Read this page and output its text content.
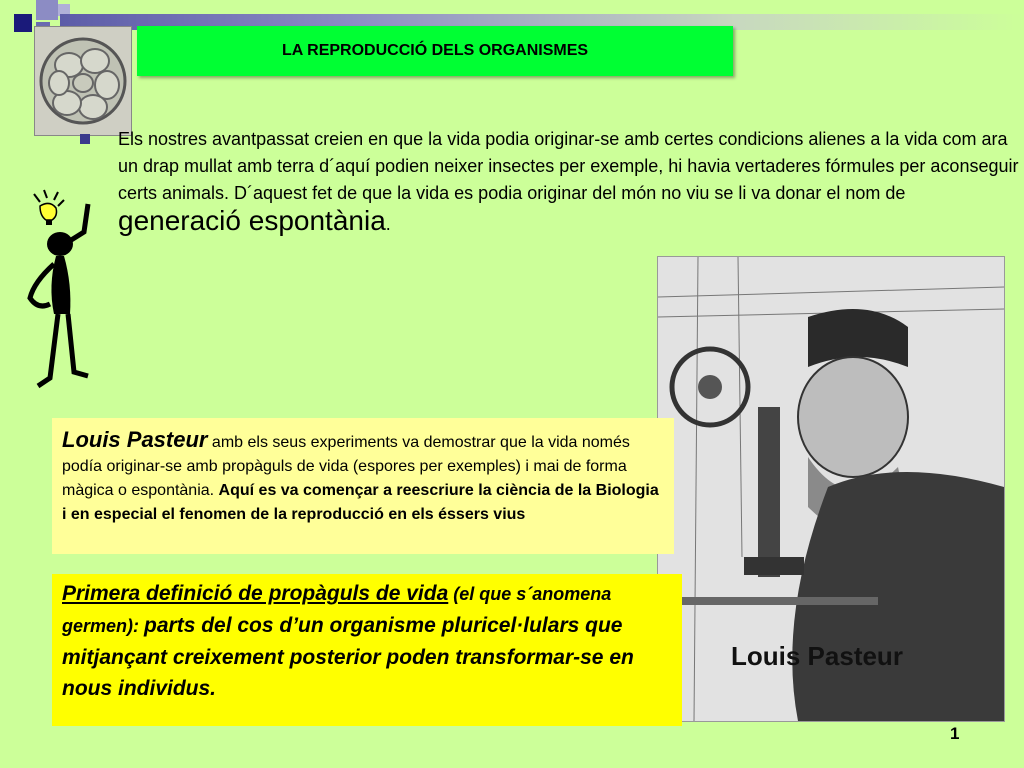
LA REPRODUCCIÓ DELS ORGANISMES
Els nostres avantpassat creien en que la vida podia originar-se amb certes condicions alienes a la vida com ara un drap mullat amb terra d´aquí podien neixer insectes per exemple, hi havia vertaderes fórmules per aconseguir certs animals. D´aquest fet de que la vida es podia originar del món no viu se li va donar el nom de generació espontània.
Louis Pasteur
Louis Pasteur amb els seus experiments va demostrar que la vida només podía originar-se amb propàguls de vida (espores per exemples) i mai de forma màgica o espontània. Aquí es va començar a reescriure la ciència de la Biologia i en especial el fenomen de la reproducció en els éssers vius
Primera definició de propàguls de vida (el que s´anomena germen): parts del cos d’un organisme pluricel·lulars que mitjançant creixement posterior poden transformar-se en nous individus.
1
